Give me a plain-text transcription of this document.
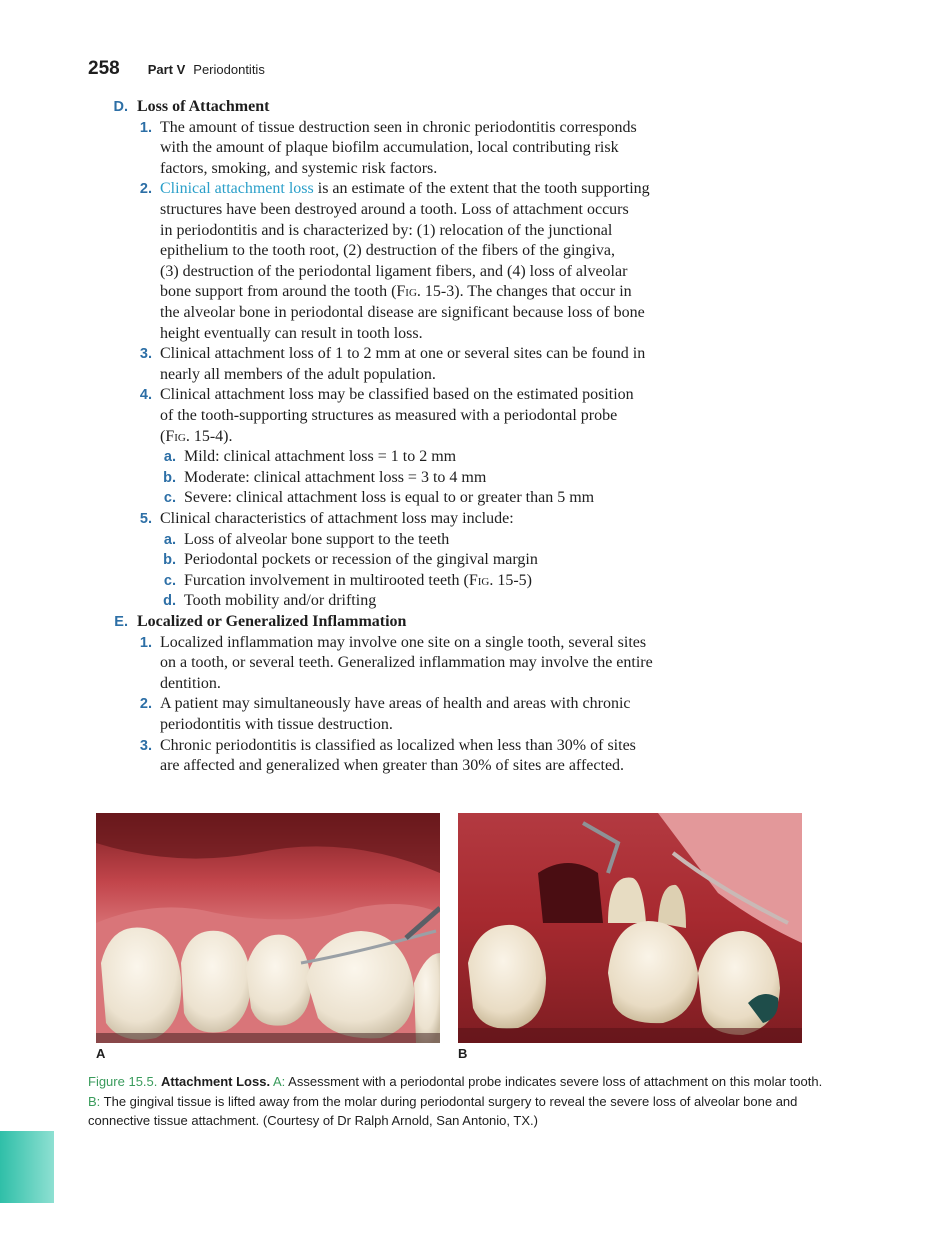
258 Part V Periodontitis
D. Loss of Attachment
1. The amount of tissue destruction seen in chronic periodontitis corresponds
with the amount of plaque biofilm accumulation, local contributing risk
factors, smoking, and systemic risk factors.
2. Clinical attachment loss is an estimate of the extent that the tooth supporting
structures have been destroyed around a tooth. Loss of attachment occurs
in periodontitis and is characterized by: (1) relocation of the junctional
epithelium to the tooth root, (2) destruction of the fibers of the gingiva,
(3) destruction of the periodontal ligament fibers, and (4) loss of alveolar
bone support from around the tooth (Fig. 15-3). The changes that occur in
the alveolar bone in periodontal disease are significant because loss of bone
height eventually can result in tooth loss.
3. Clinical attachment loss of 1 to 2 mm at one or several sites can be found in
nearly all members of the adult population.
4. Clinical attachment loss may be classified based on the estimated position
of the tooth-supporting structures as measured with a periodontal probe
(Fig. 15-4).
a. Mild: clinical attachment loss = 1 to 2 mm
b. Moderate: clinical attachment loss = 3 to 4 mm
c. Severe: clinical attachment loss is equal to or greater than 5 mm
5. Clinical characteristics of attachment loss may include:
a. Loss of alveolar bone support to the teeth
b. Periodontal pockets or recession of the gingival margin
c. Furcation involvement in multirooted teeth (Fig. 15-5)
d. Tooth mobility and/or drifting
E. Localized or Generalized Inflammation
1. Localized inflammation may involve one site on a single tooth, several sites
on a tooth, or several teeth. Generalized inflammation may involve the entire
dentition.
2. A patient may simultaneously have areas of health and areas with chronic
periodontitis with tissue destruction.
3. Chronic periodontitis is classified as localized when less than 30% of sites
are affected and generalized when greater than 30% of sites are affected.
A	B
Figure 15.5. Attachment Loss. A: Assessment with a periodontal probe indicates severe loss of attachment on this molar tooth. B: The gingival tissue is lifted away from the molar during periodontal surgery to reveal the severe loss of alveolar bone and connective tissue attachment. (Courtesy of Dr Ralph Arnold, San Antonio, TX.)
